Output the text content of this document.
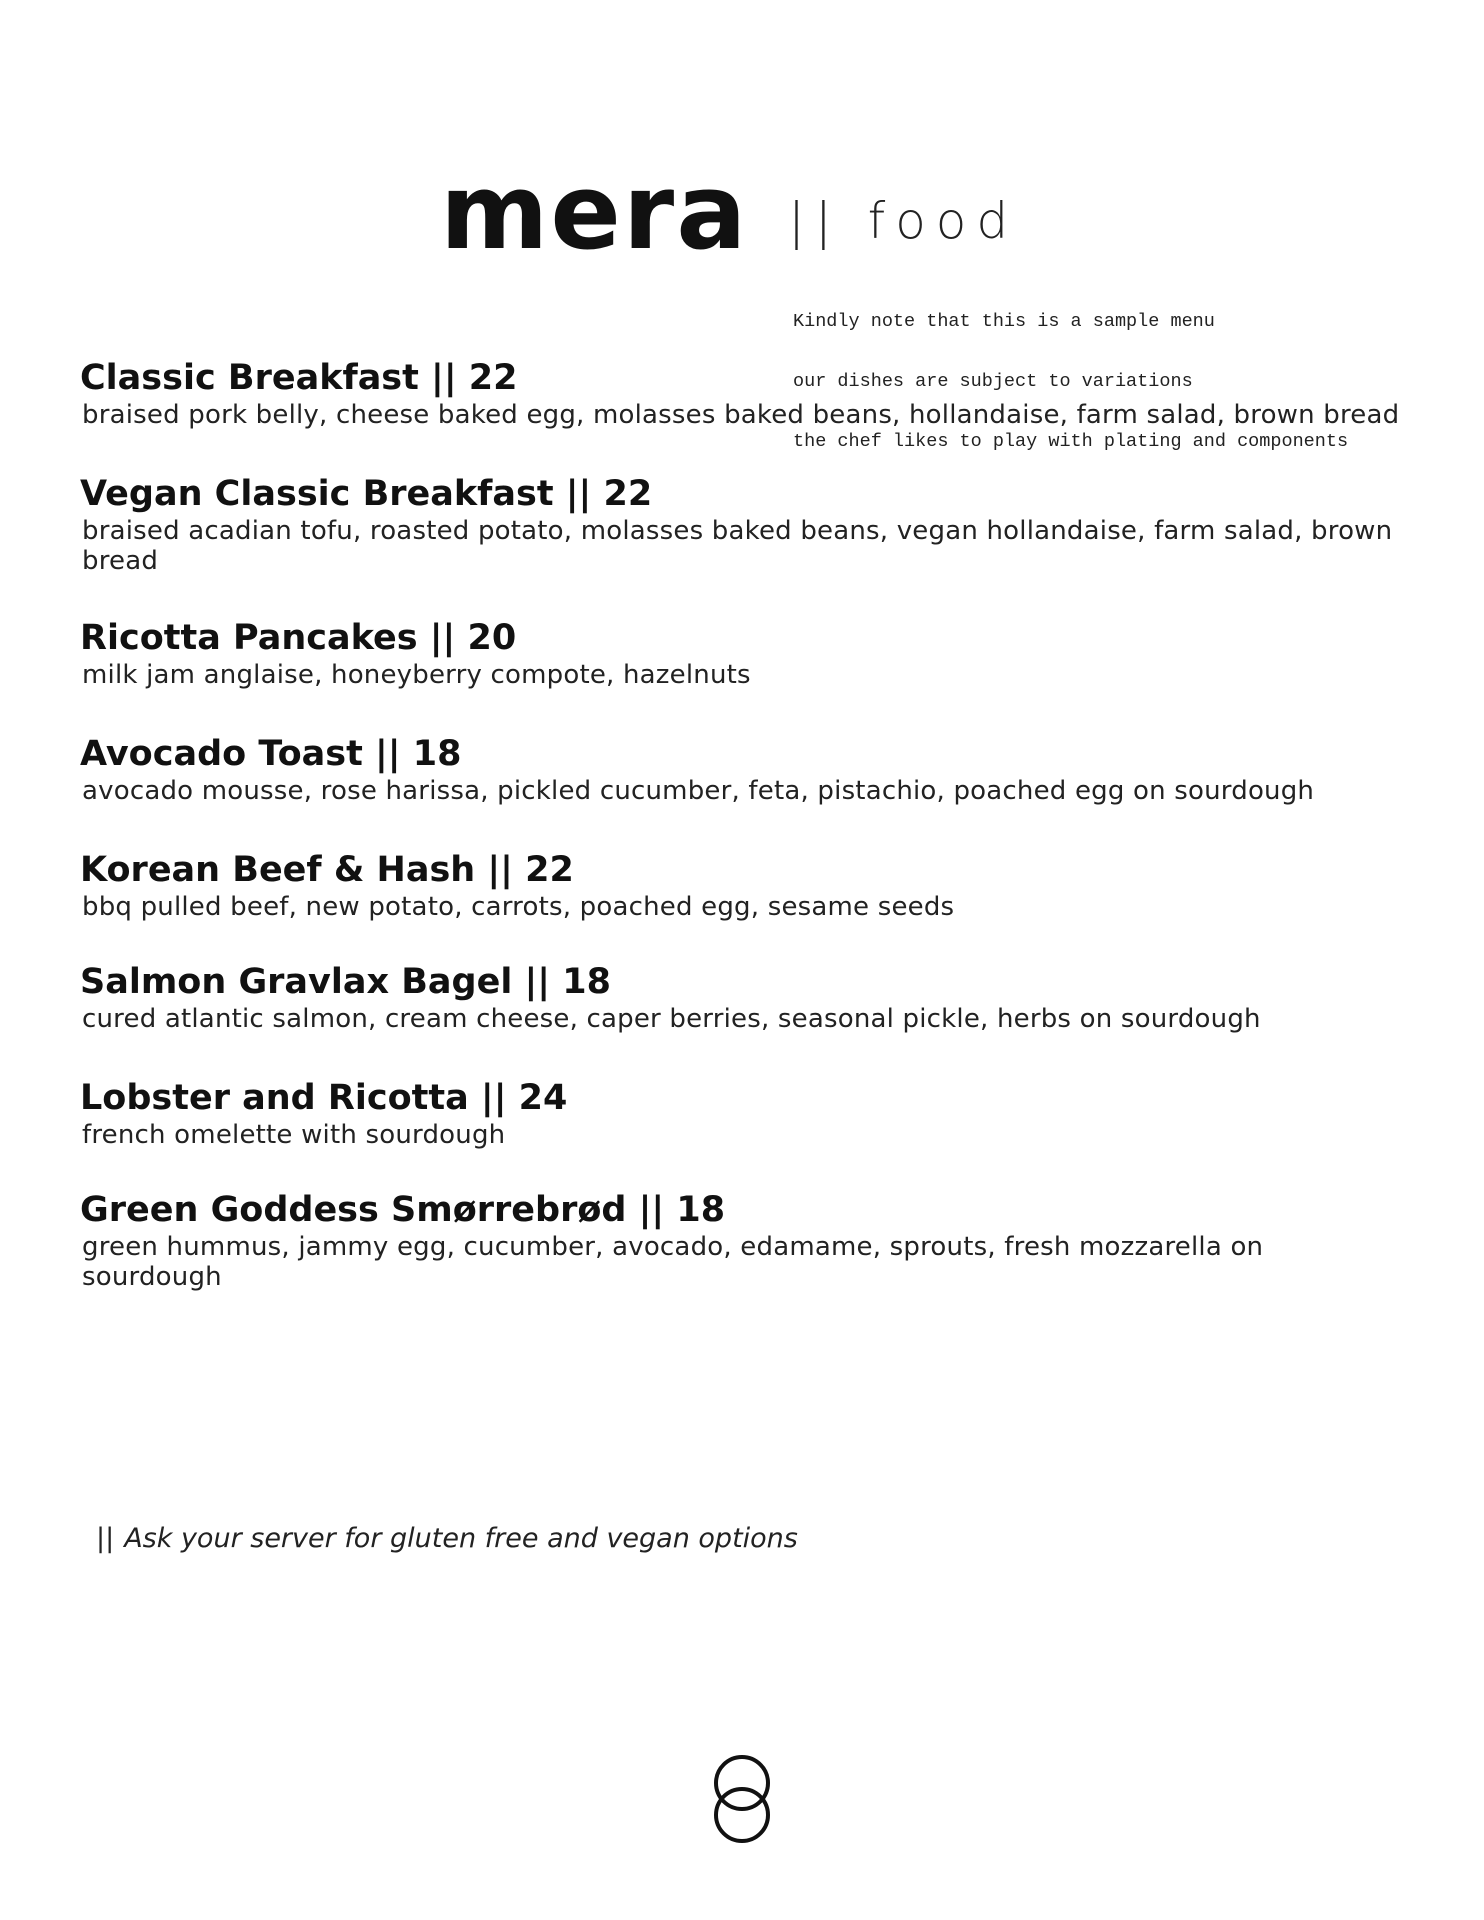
mera || food

Kindly note that this is a sample menu

our dishes are subject to variations

the chef likes to play with plating and components

Classic Breakfast || 22
braised pork belly, cheese baked egg, molasses baked beans, hollandaise, farm salad, brown bread
Vegan Classic Breakfast || 22
braised acadian tofu, roasted potato, molasses baked beans, vegan hollandaise, farm salad, brown bread
Ricotta Pancakes || 20
milk jam anglaise, honeyberry compote, hazelnuts
Avocado Toast || 18
avocado mousse, rose harissa, pickled cucumber, feta, pistachio, poached egg on sourdough
Korean Beef & Hash || 22
bbq pulled beef, new potato, carrots, poached egg, sesame seeds
Salmon Gravlax Bagel || 18
cured atlantic salmon, cream cheese, caper berries, seasonal pickle, herbs on sourdough
Lobster and Ricotta || 24
french omelette with sourdough
Green Goddess Smørrebrød || 18
green hummus, jammy egg, cucumber, avocado, edamame, sprouts, fresh mozzarella on sourdough
|| Ask your server for gluten free and vegan options
